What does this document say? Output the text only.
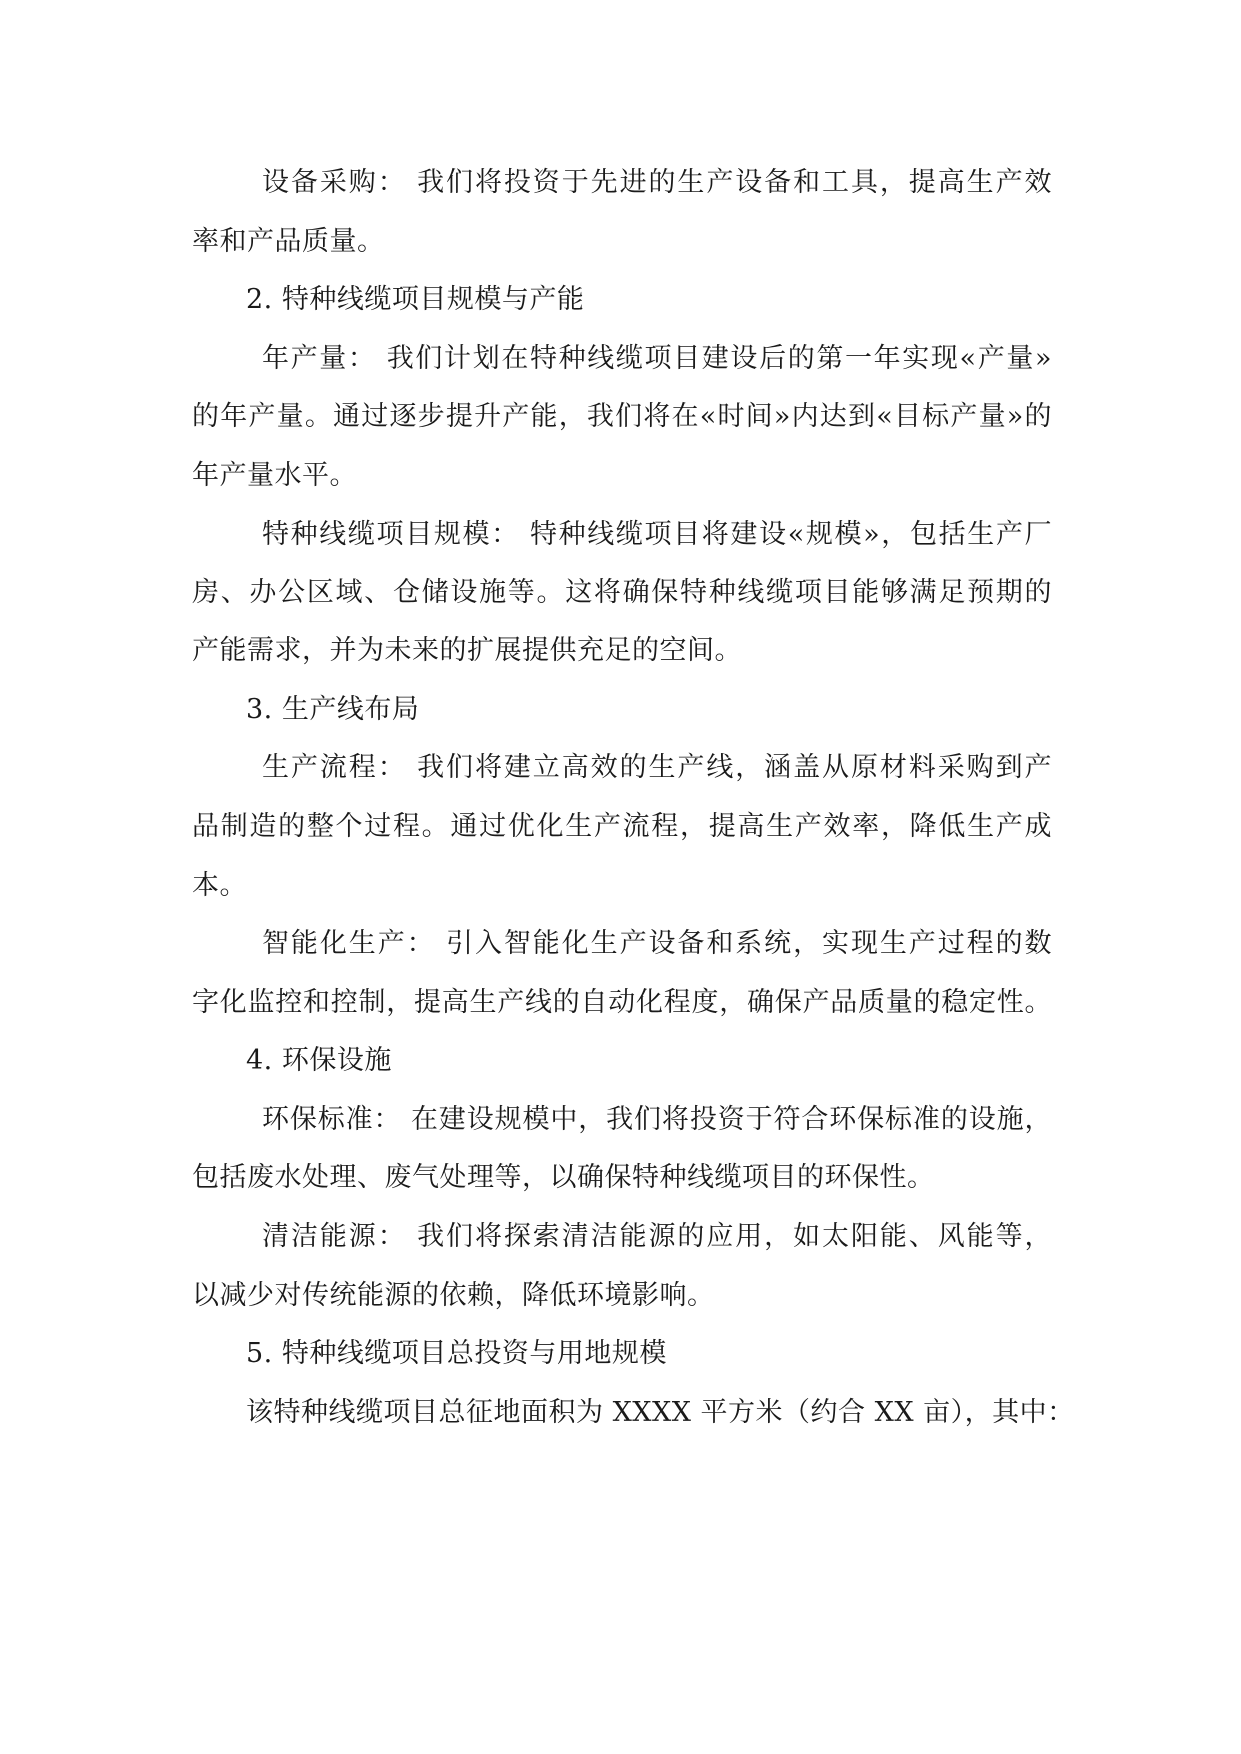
设备采购： 我们将投资于先进的生产设备和工具，提高生产效
率和产品质量。
2. 特种线缆项目规模与产能
年产量： 我们计划在特种线缆项目建设后的第一年实现«产量»
的年产量。通过逐步提升产能，我们将在«时间»内达到«目标产量»的
年产量水平。
特种线缆项目规模： 特种线缆项目将建设«规模»，包括生产厂
房、办公区域、仓储设施等。这将确保特种线缆项目能够满足预期的
产能需求，并为未来的扩展提供充足的空间。
3. 生产线布局
生产流程： 我们将建立高效的生产线，涵盖从原材料采购到产
品制造的整个过程。通过优化生产流程，提高生产效率，降低生产成
本。
智能化生产： 引入智能化生产设备和系统，实现生产过程的数
字化监控和控制，提高生产线的自动化程度，确保产品质量的稳定性。
4. 环保设施
环保标准： 在建设规模中，我们将投资于符合环保标准的设施，
包括废水处理、废气处理等，以确保特种线缆项目的环保性。
清洁能源： 我们将探索清洁能源的应用，如太阳能、风能等，
以减少对传统能源的依赖，降低环境影响。
5. 特种线缆项目总投资与用地规模
该特种线缆项目总征地面积为 XXXX 平方米（约合 XX 亩），其中：
